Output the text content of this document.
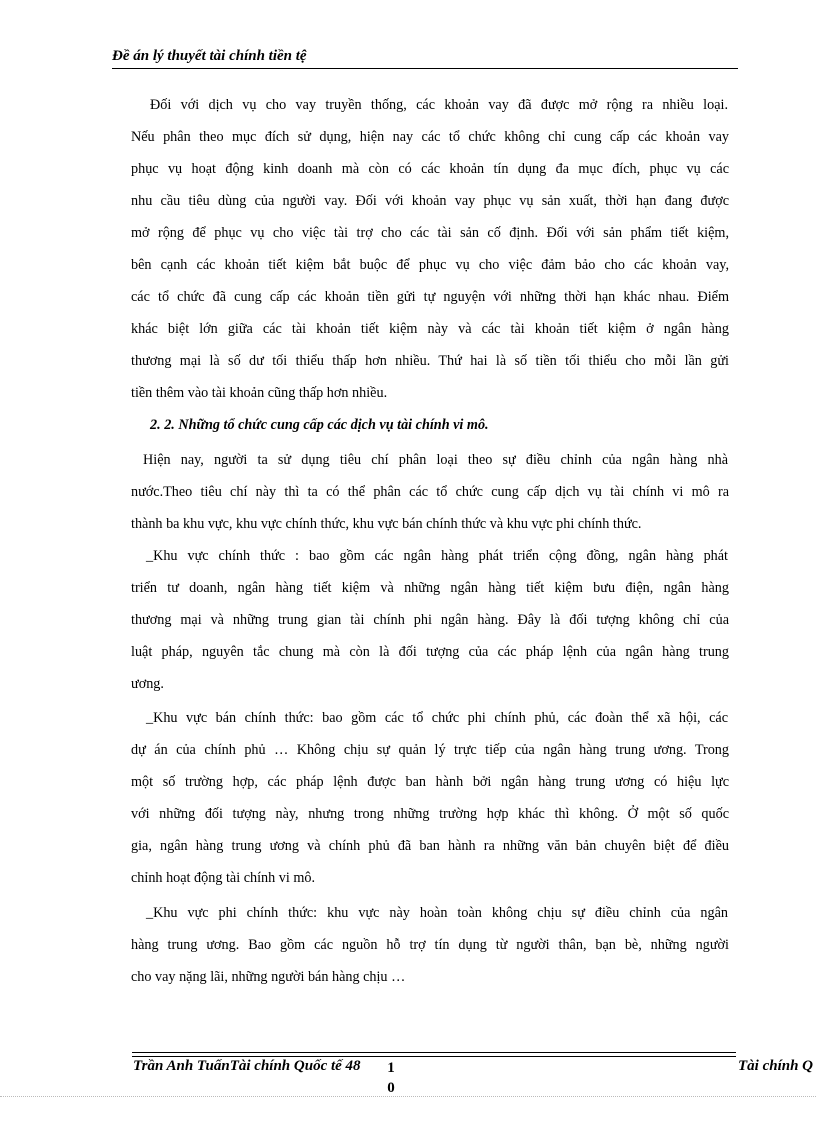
Đề án lý thuyết tài chính tiền tệ
Đối với dịch vụ cho vay truyền thống, các khoản vay đã được mở rộng ra nhiều loại.
Nếu phân theo mục đích sử dụng, hiện nay các tổ chức không chỉ cung cấp các khoản vay
phục vụ hoạt động kinh doanh mà còn có các khoản tín dụng đa mục đích, phục vụ các
nhu cầu tiêu dùng của người vay. Đối với khoản vay phục vụ sản xuất, thời hạn đang được
mở rộng để phục vụ cho việc tài trợ cho các tài sản cố định. Đối với sản phẩm tiết kiệm,
bên cạnh các khoản tiết kiệm bắt buộc để phục vụ cho việc đảm bảo cho các khoản vay,
các tổ chức đã cung cấp các khoản tiền gửi tự nguyện với những thời hạn khác nhau. Điểm
khác biệt lớn giữa các tài khoản tiết kiệm này và các tài khoản tiết kiệm ở ngân hàng
thương mại là số dư tối thiểu thấp hơn nhiều. Thứ hai là số tiền tối thiểu cho mỗi lần gửi
tiền thêm vào tài khoản cũng thấp hơn nhiều.
2. 2. Những tổ chức cung cấp các dịch vụ tài chính vi mô.
Hiện nay, người ta sử dụng tiêu chí phân loại theo sự điều chỉnh của ngân hàng nhà
nước.Theo tiêu chí này thì ta có thể phân các tổ chức cung cấp dịch vụ tài chính vi mô ra
thành ba khu vực, khu vực chính thức, khu vực bán chính thức và khu vực phi chính thức.
_Khu vực chính thức : bao gồm các ngân hàng phát triển cộng đồng, ngân hàng phát
triển tư doanh, ngân hàng tiết kiệm và những ngân hàng tiết kiệm bưu điện, ngân hàng
thương mại và những trung gian tài chính phi ngân hàng. Đây là đối tượng không chỉ của
luật pháp, nguyên tắc chung mà còn là đối tượng của các pháp lệnh của ngân hàng trung
ương.
_Khu vực bán chính thức: bao gồm các tổ chức phi chính phủ, các đoàn thể xã hội, các
dự án của chính phủ … Không chịu sự quản lý trực tiếp của ngân hàng trung ương. Trong
một số trường hợp, các pháp lệnh được ban hành bởi ngân hàng trung ương có hiệu lực
với những đối tượng này, nhưng trong những trường hợp khác thì không. Ở một số quốc
gia, ngân hàng trung ương và chính phủ đã ban hành ra những văn bản chuyên biệt để điều
chỉnh hoạt động tài chính vi mô.
_Khu vực phi chính thức: khu vực này hoàn toàn không chịu sự điều chỉnh của ngân
hàng trung ương. Bao gồm các nguồn hỗ trợ tín dụng từ người thân, bạn bè, những người
cho vay nặng lãi, những người bán hàng chịu …
Trần Anh TuấnTài chính Quốc tế 48 1
0
Tài chính Q
